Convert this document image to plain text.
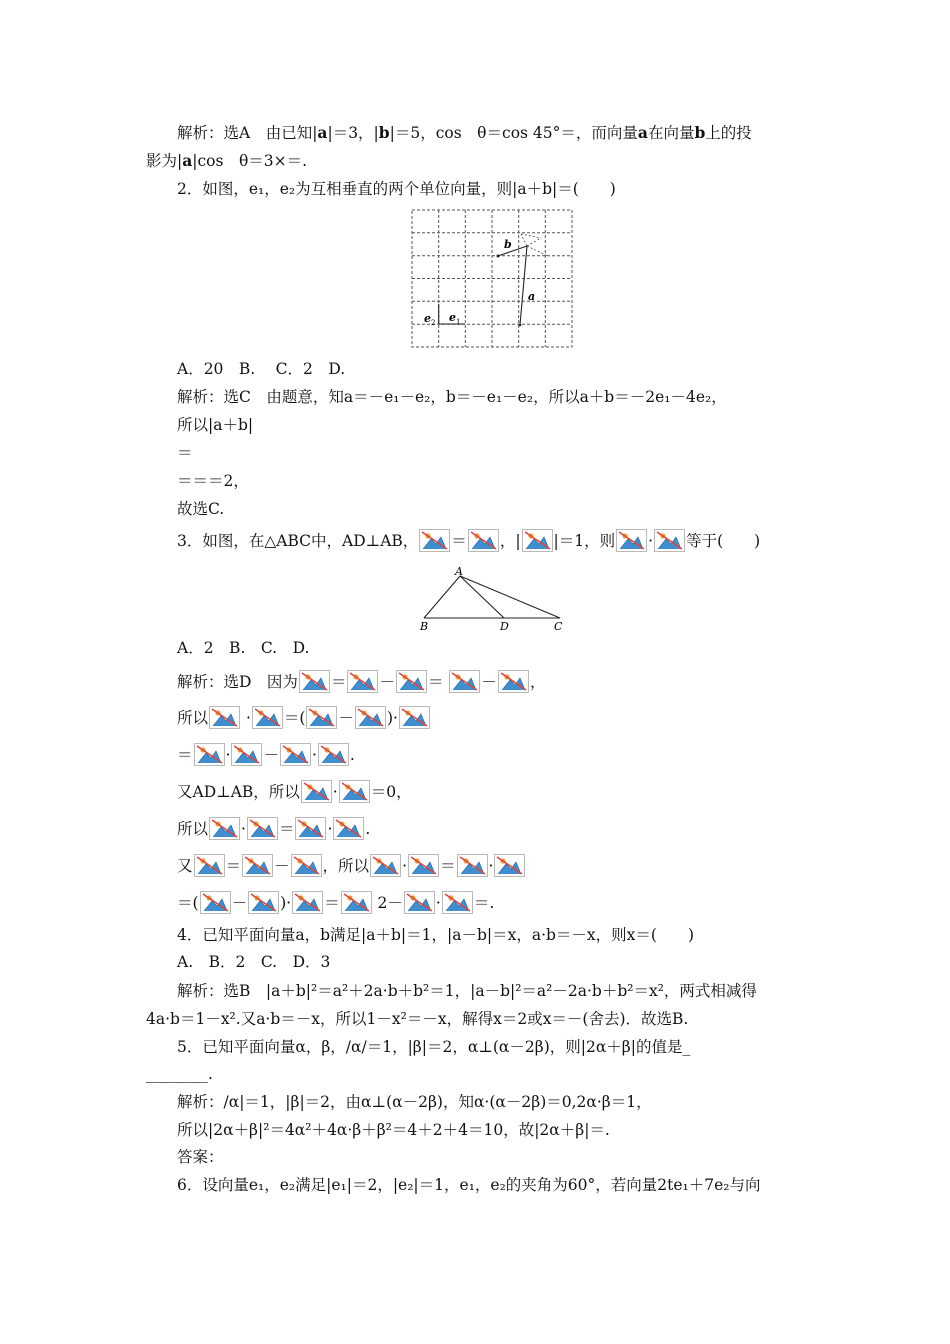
解析：选A　由已知|a|＝3，|b|＝5，cos　θ＝cos 45°＝，而向量a在向量b上的投
影为|a|cos　θ＝3×＝.
2．如图，e₁，e₂为互相垂直的两个单位向量，则|a＋b|＝(　　)
b
a
e 2 e 1
A．20　B.　 C．2　D.
解析：选C　由题意，知a＝－e₁－e₂，b＝－e₁－e₂，所以a＋b＝－2e₁－4e₂，
所以|a＋b|
＝
＝＝＝2，
故选C.
3．如图，在△ABC中，AD⊥AB， ＝ ，| |＝1，则 · 等于(　　)
A
B	D	C
A．2　B.　C.　D.
解析：选D　因为 ＝ － ＝ － ，
所以 · ＝( － )·
＝ · － · .
又AD⊥AB，所以 · ＝0，
所以 · ＝ · .
又 ＝ － ，所以 · ＝ ·
＝( － )· ＝ 2－ · ＝.
4．已知平面向量a，b满足|a＋b|＝1，|a－b|＝x，a·b＝－x，则x＝(　　)
A.　B．2　C.　D．3
解析：选B　|a＋b|²＝a²＋2a·b＋b²＝1，|a－b|²＝a²－2a·b＋b²＝x²，两式相减得
4a·b＝1－x².又a·b＝－x，所以1－x²＝－x，解得x＝2或x＝－(舍去)．故选B.
5．已知平面向量α，β，/α/＝1，|β|＝2，α⊥(α－2β)，则|2α＋β|的值是_
________.
解析：/α|＝1，|β|＝2，由α⊥(α－2β)，知α·(α－2β)＝0,2α·β＝1，
所以|2α＋β|²＝4α²＋4α·β＋β²＝4＋2＋4＝10，故|2α＋β|＝.
答案：
6．设向量e₁，e₂满足|e₁|＝2，|e₂|＝1，e₁，e₂的夹角为60°，若向量2te₁＋7e₂与向
